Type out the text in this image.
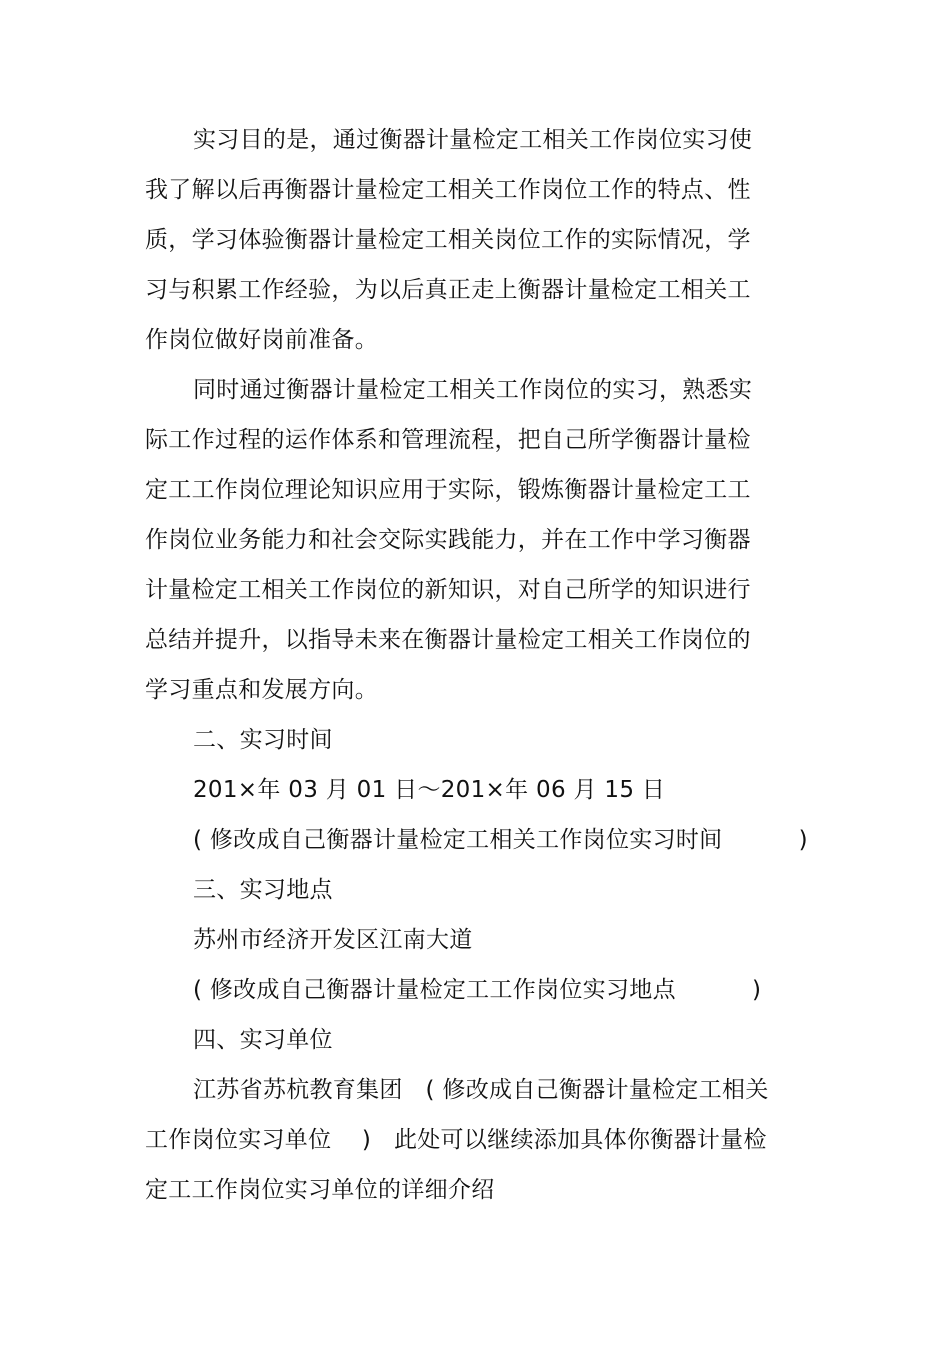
实习目的是，通过衡器计量检定工相关工作岗位实习使
我了解以后再衡器计量检定工相关工作岗位工作的特点、性
质，学习体验衡器计量检定工相关岗位工作的实际情况，学
习与积累工作经验，为以后真正走上衡器计量检定工相关工
作岗位做好岗前准备。
同时通过衡器计量检定工相关工作岗位的实习，熟悉实
际工作过程的运作体系和管理流程，把自己所学衡器计量检
定工工作岗位理论知识应用于实际，锻炼衡器计量检定工工
作岗位业务能力和社会交际实践能力，并在工作中学习衡器
计量检定工相关工作岗位的新知识，对自己所学的知识进行
总结并提升，以指导未来在衡器计量检定工相关工作岗位的
学习重点和发展方向。
二、实习时间
201×年 03 月 01 日～201×年 06 月 15 日
( 修改成自己衡器计量检定工相关工作岗位实习时间          )
三、实习地点
苏州市经济开发区江南大道
( 修改成自己衡器计量检定工工作岗位实习地点          )
四、实习单位
江苏省苏杭教育集团   ( 修改成自己衡器计量检定工相关
工作岗位实习单位    )   此处可以继续添加具体你衡器计量检
定工工作岗位实习单位的详细介绍
